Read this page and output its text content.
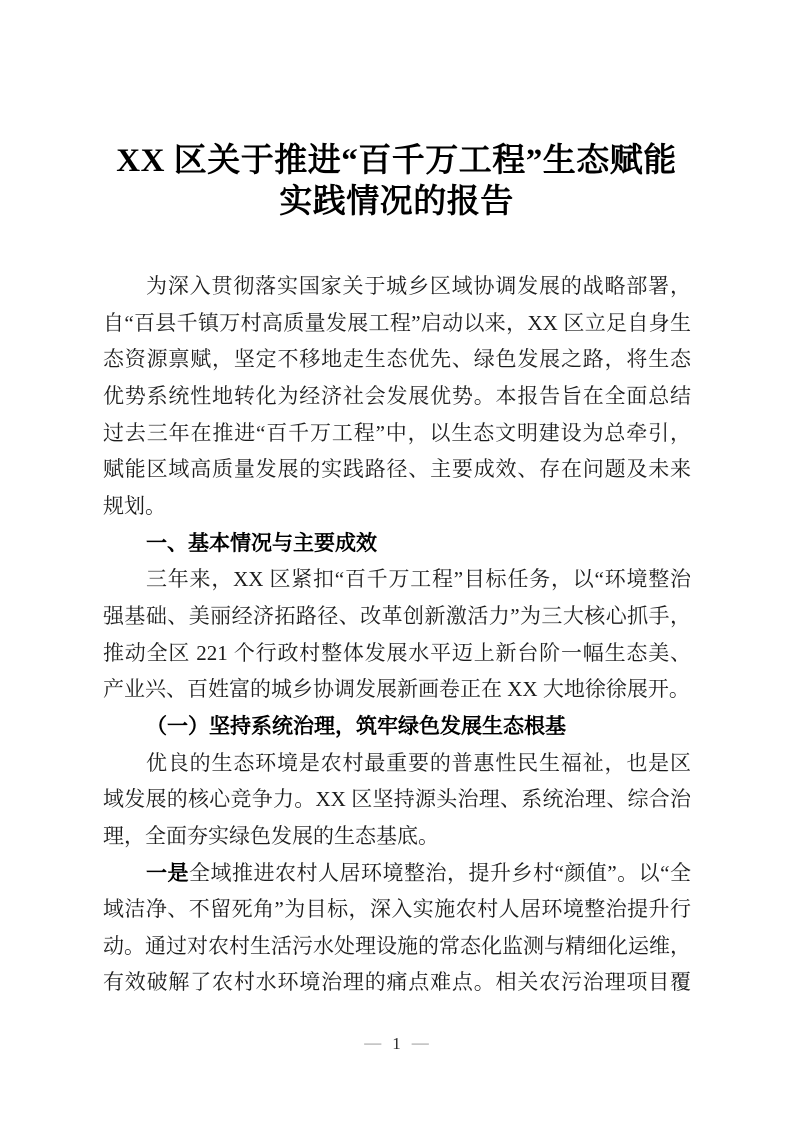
XX 区关于推进“百千万工程”生态赋能
实践情况的报告
为深入贯彻落实国家关于城乡区域协调发展的战略部署，
自“百县千镇万村高质量发展工程”启动以来，XX 区立足自身生
态资源禀赋，坚定不移地走生态优先、绿色发展之路，将生态
优势系统性地转化为经济社会发展优势。本报告旨在全面总结
过去三年在推进“百千万工程”中，以生态文明建设为总牵引，
赋能区域高质量发展的实践路径、主要成效、存在问题及未来
规划。
一、基本情况与主要成效
三年来，XX 区紧扣“百千万工程”目标任务，以“环境整治
强基础、美丽经济拓路径、改革创新激活力”为三大核心抓手，
推动全区 221 个行政村整体发展水平迈上新台阶一幅生态美、
产业兴、百姓富的城乡协调发展新画卷正在 XX 大地徐徐展开。
（一）坚持系统治理，筑牢绿色发展生态根基
优良的生态环境是农村最重要的普惠性民生福祉，也是区
域发展的核心竞争力。XX 区坚持源头治理、系统治理、综合治
理，全面夯实绿色发展的生态基底。
一是全域推进农村人居环境整治，提升乡村“颜值”。以“全
域洁净、不留死角”为目标，深入实施农村人居环境整治提升行
动。通过对农村生活污水处理设施的常态化监测与精细化运维，
有效破解了农村水环境治理的痛点难点。相关农污治理项目覆
— 1 —
